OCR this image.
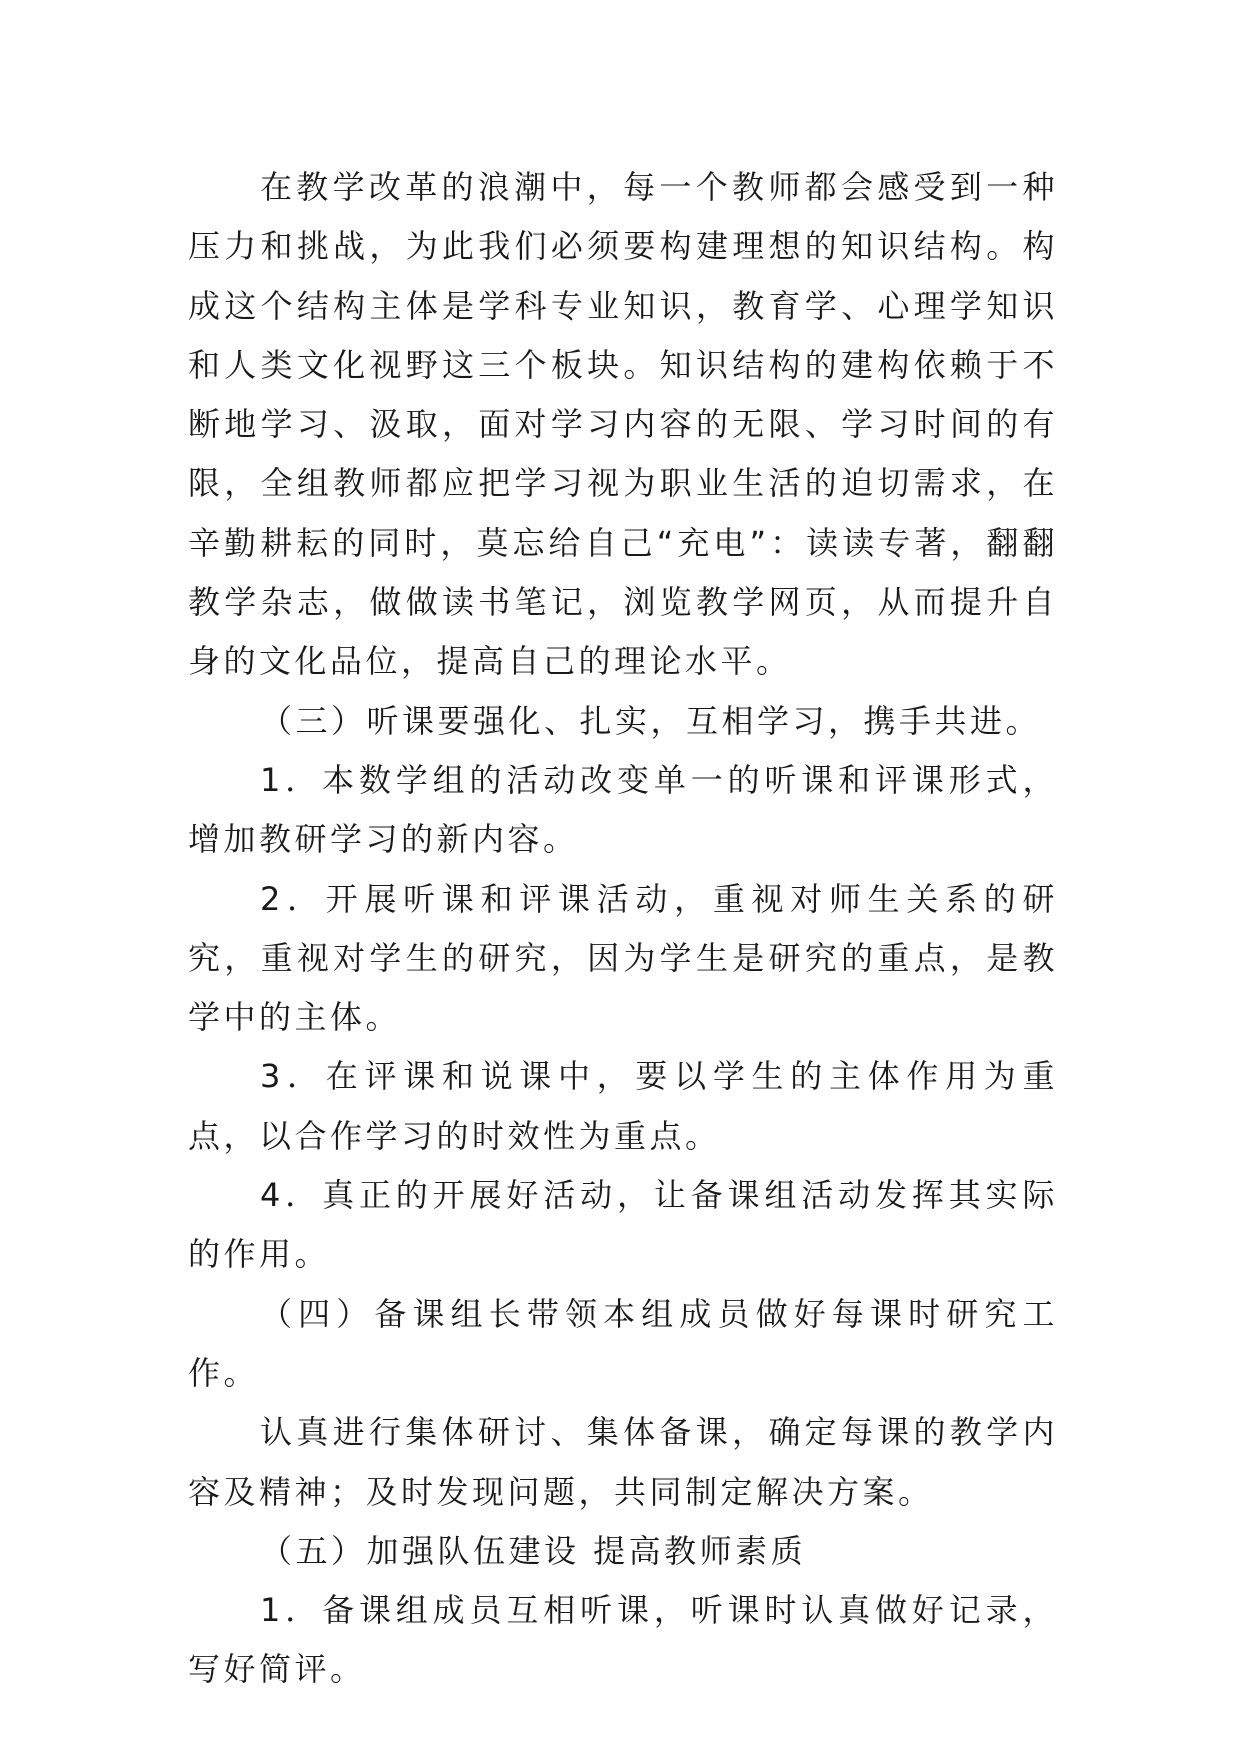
在教学改革的浪潮中，每一个教师都会感受到一种压力和挑战，为此我们必须要构建理想的知识结构。构成这个结构主体是学科专业知识，教育学、心理学知识和人类文化视野这三个板块。知识结构的建构依赖于不断地学习、汲取，面对学习内容的无限、学习时间的有限，全组教师都应把学习视为职业生活的迫切需求，在辛勤耕耘的同时，莫忘给自己“充电”：读读专著，翻翻教学杂志，做做读书笔记，浏览教学网页，从而提升自身的文化品位，提高自己的理论水平。

（三）听课要强化、扎实，互相学习，携手共进。

1．本数学组的活动改变单一的听课和评课形式，增加教研学习的新内容。

2．开展听课和评课活动，重视对师生关系的研究，重视对学生的研究，因为学生是研究的重点，是教学中的主体。

3．在评课和说课中，要以学生的主体作用为重点，以合作学习的时效性为重点。

4．真正的开展好活动，让备课组活动发挥其实际的作用。

（四）备课组长带领本组成员做好每课时研究工作。

认真进行集体研讨、集体备课，确定每课的教学内容及精神；及时发现问题，共同制定解决方案。

（五）加强队伍建设 提高教师素质

1．备课组成员互相听课，听课时认真做好记录，写好简评。
